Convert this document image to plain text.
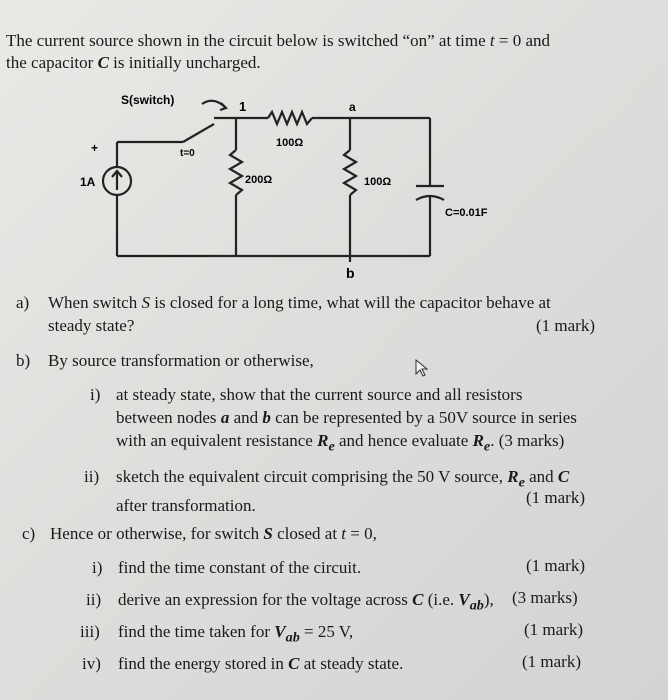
The current source shown in the circuit below is switched “on” at time t = 0 and
the capacitor C is initially uncharged.
+
S(switch)
t=0
1	a
b
1A
100Ω
200Ω	100Ω
C=0.01F
a) When switch S is closed for a long time, what will the capacitor behave at
steady state?	(1 mark)
b) By source transformation or otherwise,
i) at steady state, show that the current source and all resistors
between nodes a and b can be represented by a 50V source in series
with an equivalent resistance $R_e$ and hence evaluate $R_e$. (3 marks)
ii) sketch the equivalent circuit comprising the 50 V source, $R_e$ and C
after transformation.	(1 mark)
c) Hence or otherwise, for switch S closed at t = 0,
i) find the time constant of the circuit.	(1 mark)
ii) derive an expression for the voltage across C (i.e. $V_{ab}$), (3 marks)
iii) find the time taken for $V_{ab} = 25$ V,	(1 mark)
iv) find the energy stored in C at steady state.	(1 mark)
